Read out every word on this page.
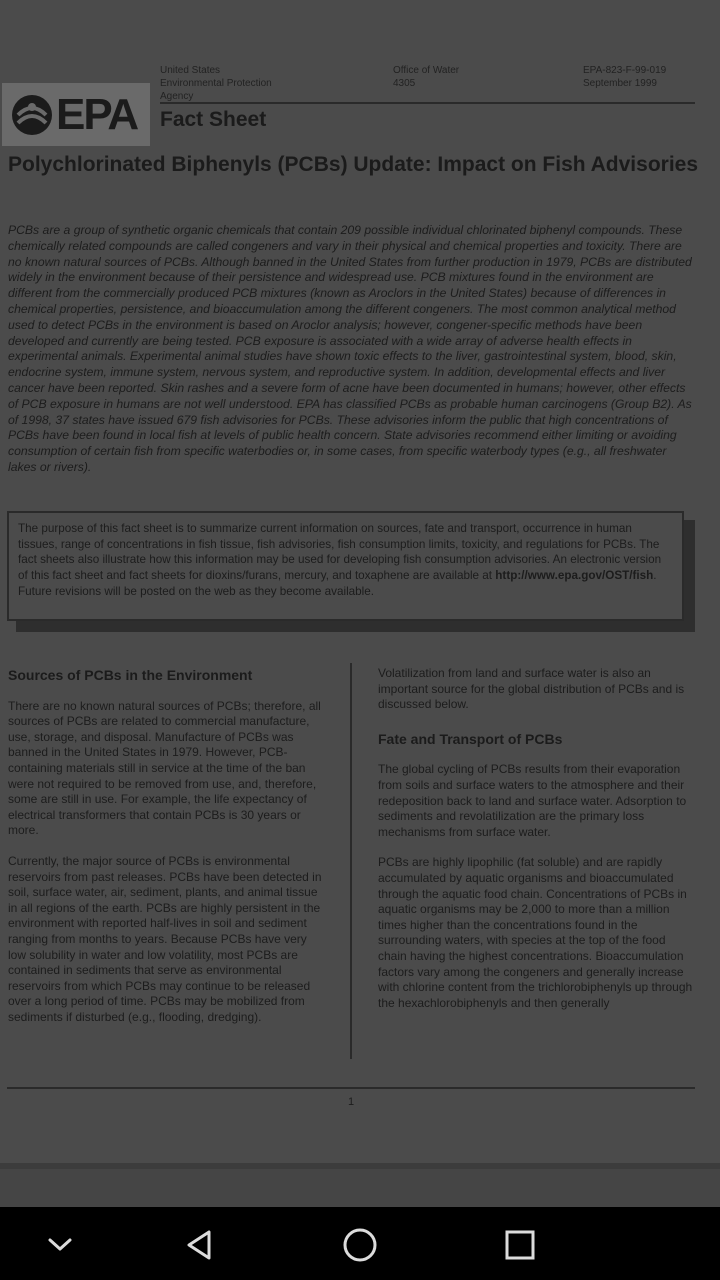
United States
Environmental Protection
Agency
Office of Water
4305
EPA-823-F-99-019
September 1999
EPA Fact Sheet
Polychlorinated Biphenyls (PCBs) Update: Impact on Fish Advisories
PCBs are a group of synthetic organic chemicals that contain 209 possible individual chlorinated biphenyl compounds. These chemically related compounds are called congeners and vary in their physical and chemical properties and toxicity. There are no known natural sources of PCBs. Although banned in the United States from further production in 1979, PCBs are distributed widely in the environment because of their persistence and widespread use. PCB mixtures found in the environment are different from the commercially produced PCB mixtures (known as Aroclors in the United States) because of differences in chemical properties, persistence, and bioaccumulation among the different congeners. The most common analytical method used to detect PCBs in the environment is based on Aroclor analysis; however, congener-specific methods have been developed and currently are being tested. PCB exposure is associated with a wide array of adverse health effects in experimental animals. Experimental animal studies have shown toxic effects to the liver, gastrointestinal system, blood, skin, endocrine system, immune system, nervous system, and reproductive system. In addition, developmental effects and liver cancer have been reported. Skin rashes and a severe form of acne have been documented in humans; however, other effects of PCB exposure in humans are not well understood. EPA has classified PCBs as probable human carcinogens (Group B2). As of 1998, 37 states have issued 679 fish advisories for PCBs. These advisories inform the public that high concentrations of PCBs have been found in local fish at levels of public health concern. State advisories recommend either limiting or avoiding consumption of certain fish from specific waterbodies or, in some cases, from specific waterbody types (e.g., all freshwater lakes or rivers).
The purpose of this fact sheet is to summarize current information on sources, fate and transport, occurrence in human tissues, range of concentrations in fish tissue, fish advisories, fish consumption limits, toxicity, and regulations for PCBs. The fact sheets also illustrate how this information may be used for developing fish consumption advisories. An electronic version of this fact sheet and fact sheets for dioxins/furans, mercury, and toxaphene are available at http://www.epa.gov/OST/fish. Future revisions will be posted on the web as they become available.
Sources of PCBs in the Environment
There are no known natural sources of PCBs; therefore, all sources of PCBs are related to commercial manufacture, use, storage, and disposal. Manufacture of PCBs was banned in the United States in 1979. However, PCB-containing materials still in service at the time of the ban were not required to be removed from use, and, therefore, some are still in use. For example, the life expectancy of electrical transformers that contain PCBs is 30 years or more.
Currently, the major source of PCBs is environmental reservoirs from past releases. PCBs have been detected in soil, surface water, air, sediment, plants, and animal tissue in all regions of the earth. PCBs are highly persistent in the environment with reported half-lives in soil and sediment ranging from months to years. Because PCBs have very low solubility in water and low volatility, most PCBs are contained in sediments that serve as environmental reservoirs from which PCBs may continue to be released over a long period of time. PCBs may be mobilized from sediments if disturbed (e.g., flooding, dredging).
Volatilization from land and surface water is also an important source for the global distribution of PCBs and is discussed below.
Fate and Transport of PCBs
The global cycling of PCBs results from their evaporation from soils and surface waters to the atmosphere and their redeposition back to land and surface water. Adsorption to sediments and revolatilization are the primary loss mechanisms from surface water.
PCBs are highly lipophilic (fat soluble) and are rapidly accumulated by aquatic organisms and bioaccumulated through the aquatic food chain. Concentrations of PCBs in aquatic organisms may be 2,000 to more than a million times higher than the concentrations found in the surrounding waters, with species at the top of the food chain having the highest concentrations. Bioaccumulation factors vary among the congeners and generally increase with chlorine content from the trichlorobiphenyls up through the hexachlorobiphenyls and then generally
1
